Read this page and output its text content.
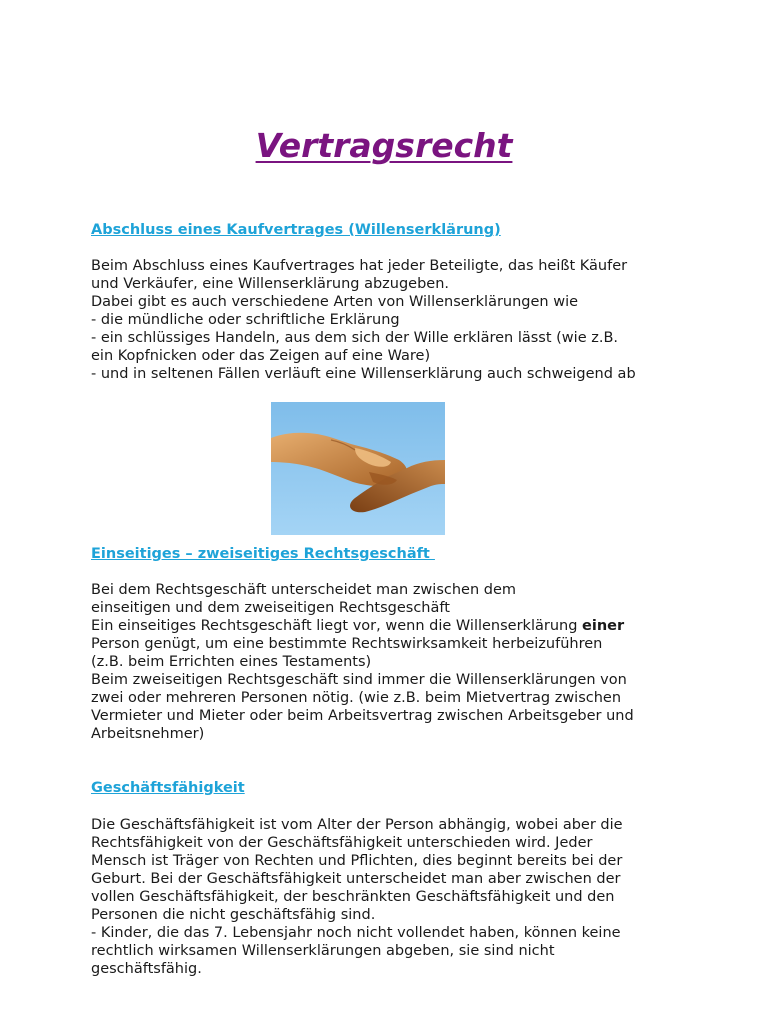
Vertragsrecht
Abschluss eines Kaufvertrages (Willenserklärung)
Beim Abschluss eines Kaufvertrages hat jeder Beteiligte, das heißt Käufer
und Verkäufer, eine Willenserklärung abzugeben.
Dabei gibt es auch verschiedene Arten von Willenserklärungen wie
- die mündliche oder schriftliche Erklärung
- ein schlüssiges Handeln, aus dem sich der Wille erklären lässt (wie z.B.
ein Kopfnicken oder das Zeigen auf eine Ware)
- und in seltenen Fällen verläuft eine Willenserklärung auch schweigend ab
Einseitiges – zweiseitiges Rechtsgeschäft
Bei dem Rechtsgeschäft unterscheidet man zwischen dem
einseitigen und dem zweiseitigen Rechtsgeschäft
Ein einseitiges Rechtsgeschäft liegt vor, wenn die Willenserklärung einer
Person genügt, um eine bestimmte Rechtswirksamkeit herbeizuführen
(z.B. beim Errichten eines Testaments)
Beim zweiseitigen Rechtsgeschäft sind immer die Willenserklärungen von
zwei oder mehreren Personen nötig. (wie z.B. beim Mietvertrag zwischen
Vermieter und Mieter oder beim Arbeitsvertrag zwischen Arbeitsgeber und
Arbeitsnehmer)
Geschäftsfähigkeit
Die Geschäftsfähigkeit ist vom Alter der Person abhängig, wobei aber die
Rechtsfähigkeit von der Geschäftsfähigkeit unterschieden wird. Jeder
Mensch ist Träger von Rechten und Pflichten, dies beginnt bereits bei der
Geburt. Bei der Geschäftsfähigkeit unterscheidet man aber zwischen der
vollen Geschäftsfähigkeit, der beschränkten Geschäftsfähigkeit und den
Personen die nicht geschäftsfähig sind.
- Kinder, die das 7. Lebensjahr noch nicht vollendet haben, können keine
rechtlich wirksamen Willenserklärungen abgeben, sie sind nicht
geschäftsfähig.
